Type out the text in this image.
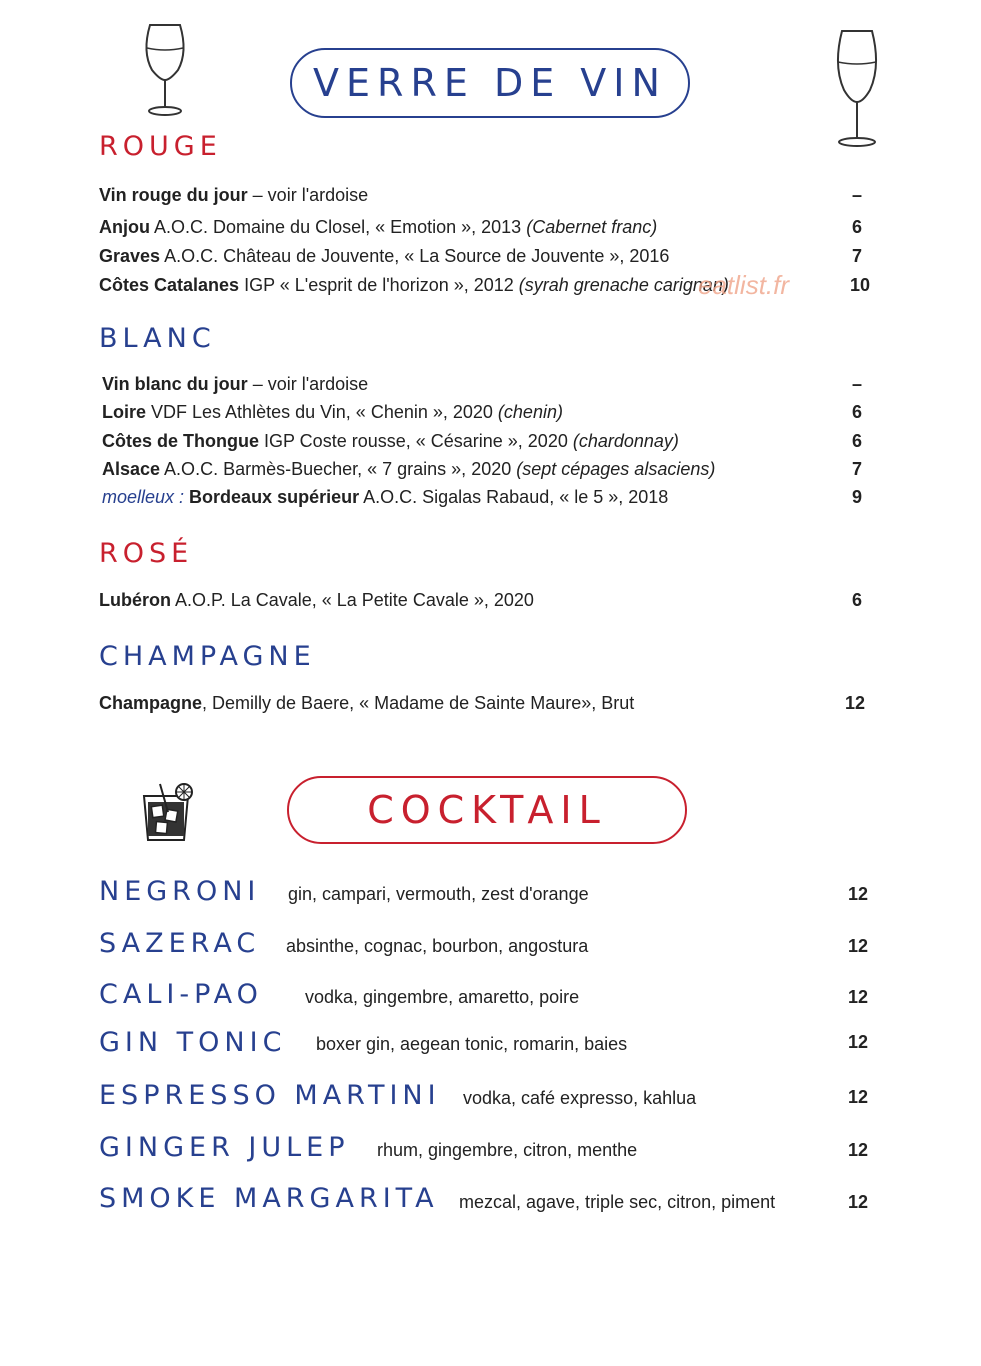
VERRE DE VIN
ROUGE
Vin rouge du jour – voir l'ardoise	–
Anjou A.O.C. Domaine du Closel, « Emotion », 2013 (Cabernet franc)	6
Graves A.O.C. Château de Jouvente, « La Source de Jouvente », 2016	7
Côtes Catalanes IGP « L'esprit de l'horizon », 2012 (syrah grenache carignan)	10
eatlist.fr
BLANC
Vin blanc du jour – voir l'ardoise	–
Loire VDF Les Athlètes du Vin, « Chenin », 2020 (chenin)	6
Côtes de Thongue IGP Coste rousse, « Césarine », 2020 (chardonnay)	6
Alsace A.O.C. Barmès-Buecher, « 7 grains », 2020 (sept cépages alsaciens)	7
moelleux : Bordeaux supérieur A.O.C. Sigalas Rabaud, « le 5 », 2018	9
ROSÉ
Lubéron A.O.P. La Cavale, « La Petite Cavale », 2020	6
CHAMPAGNE
Champagne, Demilly de Baere, « Madame de Sainte Maure», Brut	12
COCKTAIL
NEGRONI gin, campari, vermouth, zest d'orange	12
SAZERAC absinthe, cognac, bourbon, angostura	12
CALI-PAO vodka, gingembre, amaretto, poire	12
GIN TONIC boxer gin, aegean tonic, romarin, baies	12
ESPRESSO MARTINI vodka, café expresso, kahlua	12
GINGER JULEP rhum, gingembre, citron, menthe	12
SMOKE MARGARITA mezcal, agave, triple sec, citron, piment	12
